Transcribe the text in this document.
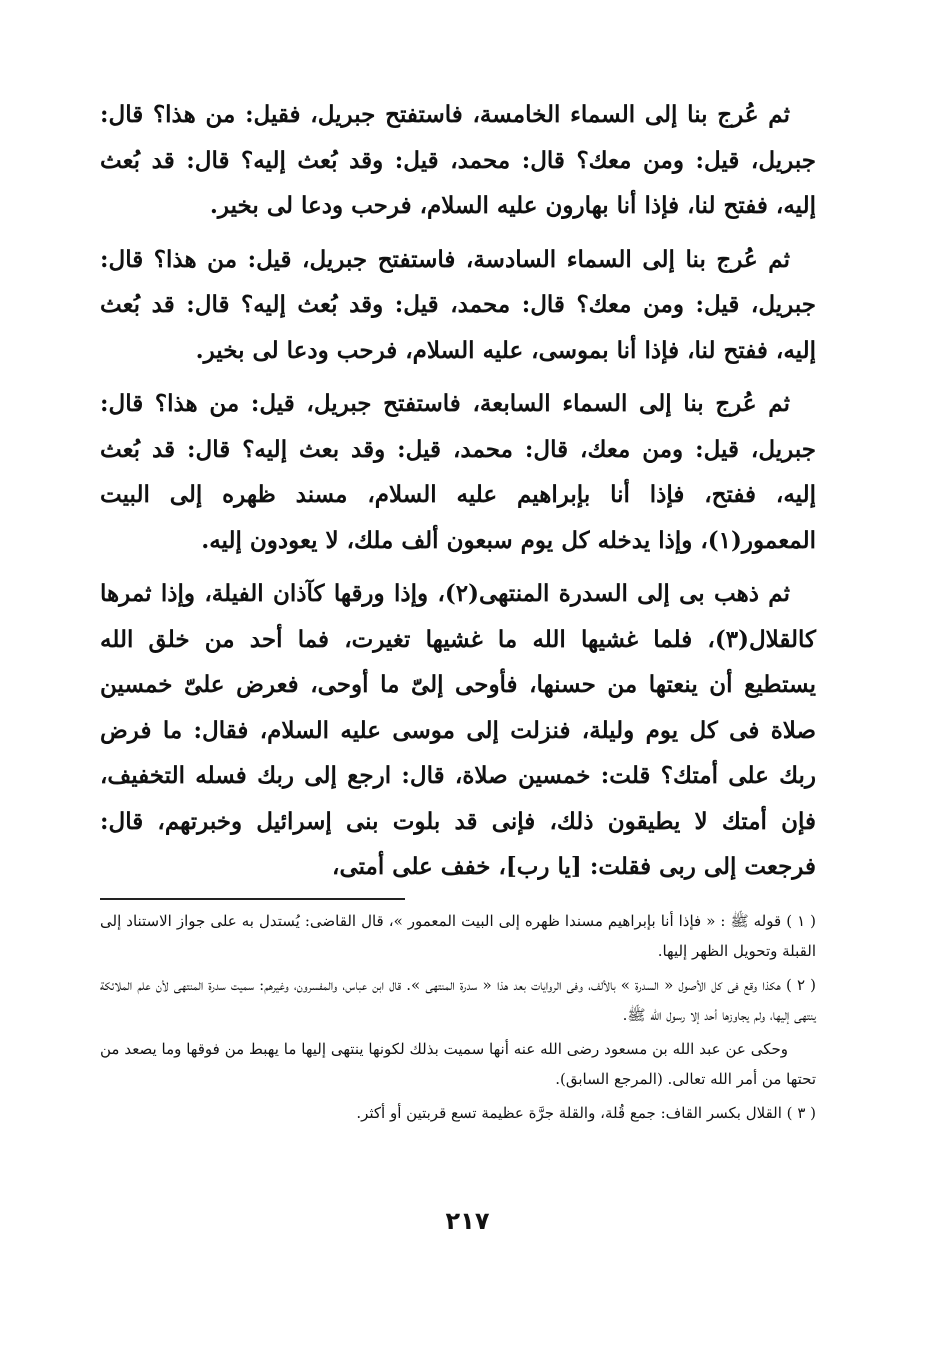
ثم عُرج بنا إلى السماء الخامسة، فاستفتح جبريل، فقيل: من هذا؟ قال: جبريل، قيل: ومن معك؟ قال: محمد، قيل: وقد بُعث إليه؟ قال: قد بُعث إليه، ففتح لنا، فإذا أنا بهارون عليه السلام، فرحب ودعا لى بخير.

ثم عُرج بنا إلى السماء السادسة، فاستفتح جبريل، قيل: من هذا؟ قال: جبريل، قيل: ومن معك؟ قال: محمد، قيل: وقد بُعث إليه؟ قال: قد بُعث إليه، ففتح لنا، فإذا أنا بموسى، عليه السلام، فرحب ودعا لى بخير.

ثم عُرج بنا إلى السماء السابعة، فاستفتح جبريل، قيل: من هذا؟ قال: جبريل، قيل: ومن معك، قال: محمد، قيل: وقد بعث إليه؟ قال: قد بُعث إليه، ففتح، فإذا أنا بإبراهيم عليه السلام، مسند ظهره إلى البيت المعمور(١)، وإذا يدخله كل يوم سبعون ألف ملك، لا يعودون إليه.

ثم ذهب بى إلى السدرة المنتهى(٢)، وإذا ورقها كآذان الفيلة، وإذا ثمرها كالقلال(٣)، فلما غشيها الله ما غشيها تغيرت، فما أحد من خلق الله يستطيع أن ينعتها من حسنها، فأوحى إلىّ ما أوحى، فعرض علىّ خمسين صلاة فى كل يوم وليلة، فنزلت إلى موسى عليه السلام، فقال: ما فرض ربك على أمتك؟ قلت: خمسين صلاة، قال: ارجع إلى ربك فسله التخفيف، فإن أمتك لا يطيقون ذلك، فإنى قد بلوت بنى إسرائيل وخبرتهم، قال: فرجعت إلى ربى فقلت: [يا رب]، خفف على أمتى،

( ١ ) قوله ﷺ : « فإذا أنا بإبراهيم مسندا ظهره إلى البيت المعمور »، قال القاضى: يُستدل به على جواز الاستناد إلى القبلة وتحويل الظهر إليها.

( ٢ ) هكذا وقع فى كل الأصول « السدرة » بالألف، وفى الروايات بعد هذا « سدرة المنتهى ». قال ابن عباس، والمفسرون، وغيرهم: سميت سدرة المنتهى لأن علم الملائكة ينتهى إليها، ولم يجاوزها أحد إلا رسول الله ﷺ.

وحكى عن عبد الله بن مسعود رضى الله عنه أنها سميت بذلك لكونها ينتهى إليها ما يهبط من فوقها وما يصعد من تحتها من أمر الله تعالى. (المرجع السابق).

( ٣ ) القلال بكسر القاف: جمع قُلة، والقلة جرَّة عظيمة تسع قربتين أو أكثر.

٢١٧
